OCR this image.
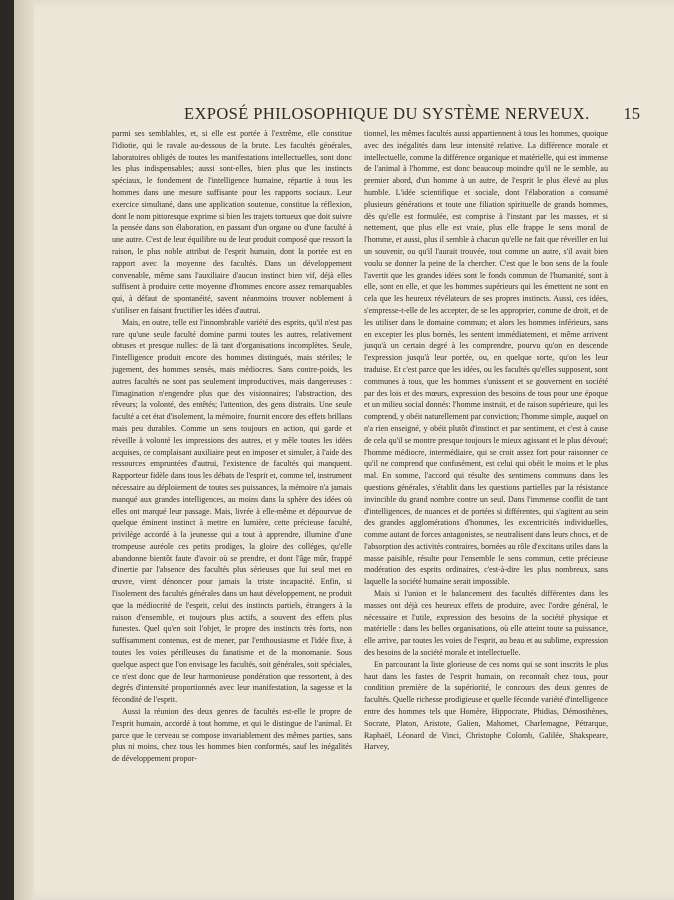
EXPOSÉ PHILOSOPHIQUE DU SYSTÈME NERVEUX. 15

parmi ses semblables, et, si elle est portée à l'extrême, elle constitue l'idiotie, qui le ravale au-dessous de la brute. Les facultés générales, laboratoires obligés de toutes les manifestations intellectuelles, sont donc les plus indispensables; aussi sont-elles, bien plus que les instincts spéciaux, le fondement de l'intelligence humaine, répartie à tous les hommes dans une mesure suffisante pour les rapports sociaux. Leur exercice simultané, dans une application soutenue, constitue la réflexion, dont le nom pittoresque exprime si bien les trajets tortueux que doit suivre la pensée dans son élaboration, en passant d'un organe ou d'une faculté à une autre. C'est de leur équilibre ou de leur produit composé que ressort la raison, le plus noble attribut de l'esprit humain, dont la portée est en rapport avec la moyenne des facultés. Dans un développement convenable, même sans l'auxiliaire d'aucun instinct bien vif, déjà elles suffisent à produire cette moyenne d'hommes encore assez remarquables qui, à défaut de spontanéité, savent néanmoins trouver noblement à s'utiliser en faisant fructifier les idées d'autrui.

Mais, en outre, telle est l'innombrable variété des esprits, qu'il n'est pas rare qu'une seule faculté domine parmi toutes les autres, relativement obtuses et presque nulles: de là tant d'organisations incomplètes. Seule, l'intelligence produit encore des hommes distingués, mais stériles; le jugement, des hommes sensés, mais médiocres. Sans contre-poids, les autres facultés ne sont pas seulement improductives, mais dangereuses : l'imagination n'engendre plus que des visionnaires; l'abstraction, des rêveurs; la volonté, des entêtés; l'attention, des gens distraits. Une seule faculté a cet état d'isolement, la mémoire, fournit encore des effets brillans mais peu durables. Comme un sens toujours en action, qui garde et réveille à volonté les impressions des autres, et y mêle toutes les idées acquises, ce complaisant auxiliaire peut en imposer et simuler, à l'aide des ressources empruntées d'autrui, l'existence de facultés qui manquent. Rapporteur fidèle dans tous les débats de l'esprit et, comme tel, instrument nécessaire au déploiement de toutes ses puissances, la mémoire n'a jamais manqué aux grandes intelligences, au moins dans la sphère des idées où elles ont marqué leur passage. Mais, livrée à elle-même et dépourvue de quelque éminent instinct à mettre en lumière, cette précieuse faculté, privilége accordé à la jeunesse qui a tout à apprendre, illumine d'une trompeuse auréole ces petits prodiges, la gloire des colléges, qu'elle abandonne bientôt faute d'avoir où se prendre, et dont l'âge mûr, frappé d'inertie par l'absence des facultés plus sérieuses que lui seul met en œuvre, vient dénoncer pour jamais la triste incapacité. Enfin, si l'isolement des facultés générales dans un haut développement, ne produit que la médiocrité de l'esprit, celui des instincts partiels, étrangers à la raison d'ensemble, et toujours plus actifs, a souvent des effets plus funestes. Quel qu'en soit l'objet, le propre des instincts très forts, non suffisamment contenus, est de mener, par l'enthousiasme et l'idée fixe, à toutes les voies périlleuses du fanatisme et de la monomanie. Sous quelque aspect que l'on envisage les facultés, soit générales, soit spéciales, ce n'est donc que de leur harmonieuse pondération que ressortent, à des degrés d'intensité proportionnés avec leur manifestation, la sagesse et la fécondité de l'esprit.

Aussi la réunion des deux genres de facultés est-elle le propre de l'esprit humain, accordé à tout homme, et qui le distingue de l'animal. Et parce que le cerveau se compose invariablement des mêmes parties, sans plus ni moins, chez tous les hommes bien conformés, sauf les inégalités de développement propor-

tionnel, les mêmes facultés aussi appartiennent à tous les hommes, quoique avec des inégalités dans leur intensité relative. La différence morale et intellectuelle, comme la différence organique et matérielle, qui est immense de l'animal à l'homme, est donc beaucoup moindre qu'il ne le semble, au premier abord, d'un homme à un autre, de l'esprit le plus élevé au plus humble. L'idée scientifique et sociale, dont l'élaboration a consumé plusieurs générations et toute une filiation spirituelle de grands hommes, dès qu'elle est formulée, est comprise à l'instant par les masses, et si nettement, que plus elle est vraie, plus elle frappe le sens moral de l'homme, et aussi, plus il semble à chacun qu'elle ne fait que réveiller en lui un souvenir, ou qu'il l'aurait trouvée, tout comme un autre, s'il avait bien voulu se donner la peine de la chercher. C'est que le bon sens de la foule l'avertit que les grandes idées sont le fonds commun de l'humanité, sont à elle, sont en elle, et que les hommes supérieurs qui les émettent ne sont en cela que les heureux révélateurs de ses propres instincts. Aussi, ces idées, s'empresse-t-elle de les accepter, de se les approprier, comme de droit, et de les utiliser dans le domaine commun; et alors les hommes inférieurs, sans en excepter les plus bornés, les sentent immédiatement, et même arrivent jusqu'à un certain degré à les comprendre, pourvu qu'on en descende l'expression jusqu'à leur portée, ou, en quelque sorte, qu'on les leur traduise. Et c'est parce que les idées, ou les facultés qu'elles supposent, sont communes à tous, que les hommes s'unissent et se gouvernent en société par des lois et des mœurs, expression des besoins de tous pour une époque et un milieu social donnés: l'homme instruit, et de raison supérieure, qui les comprend, y obéit naturellement par conviction; l'homme simple, auquel on n'a rien enseigné, y obéit plutôt d'instinct et par sentiment, et c'est à cause de cela qu'il se montre presque toujours le mieux agissant et le plus dévoué; l'homme médiocre, intermédiaire, qui se croit assez fort pour raisonner ce qu'il ne comprend que confusément, est celui qui obéit le moins et le plus mal. En somme, l'accord qui résulte des sentimens communs dans les questions générales, s'établit dans les questions partielles par la résistance invincible du grand nombre contre un seul. Dans l'immense conflit de tant d'intelligences, de nuances et de portées si différentes, qui s'agitent au sein des grandes agglomérations d'hommes, les excentricités individuelles, comme autant de forces antagonistes, se neutralisent dans leurs chocs, et de l'absorption des activités contraires, bornées au rôle d'excitans utiles dans la masse paisible, résulte pour l'ensemble le sens commun, cette précieuse modération des esprits ordinaires, c'est-à-dire les plus nombreux, sans laquelle la société humaine serait impossible.

Mais si l'union et le balancement des facultés différentes dans les masses ont déjà ces heureux effets de produire, avec l'ordre général, le nécessaire et l'utile, expression des besoins de la société physique et matérielle : dans les belles organisations, où elle atteint toute sa puissance, elle arrive, par toutes les voies de l'esprit, au beau et au sublime, expression des besoins de la société morale et intellectuelle.

En parcourant la liste glorieuse de ces noms qui se sont inscrits le plus haut dans les fastes de l'esprit humain, on reconnaît chez tous, pour condition première de la supériorité, le concours des deux genres de facultés. Quelle richesse prodigieuse et quelle féconde variété d'intelligence entre des hommes tels que Homère, Hippocrate, Phidias, Démosthènes, Socrate, Platon, Aristote, Galien, Mahomet, Charlemagne, Pétrarque, Raphaël, Léonard de Vinci, Christophe Colomb, Galilée, Shakspeare, Harvey,
